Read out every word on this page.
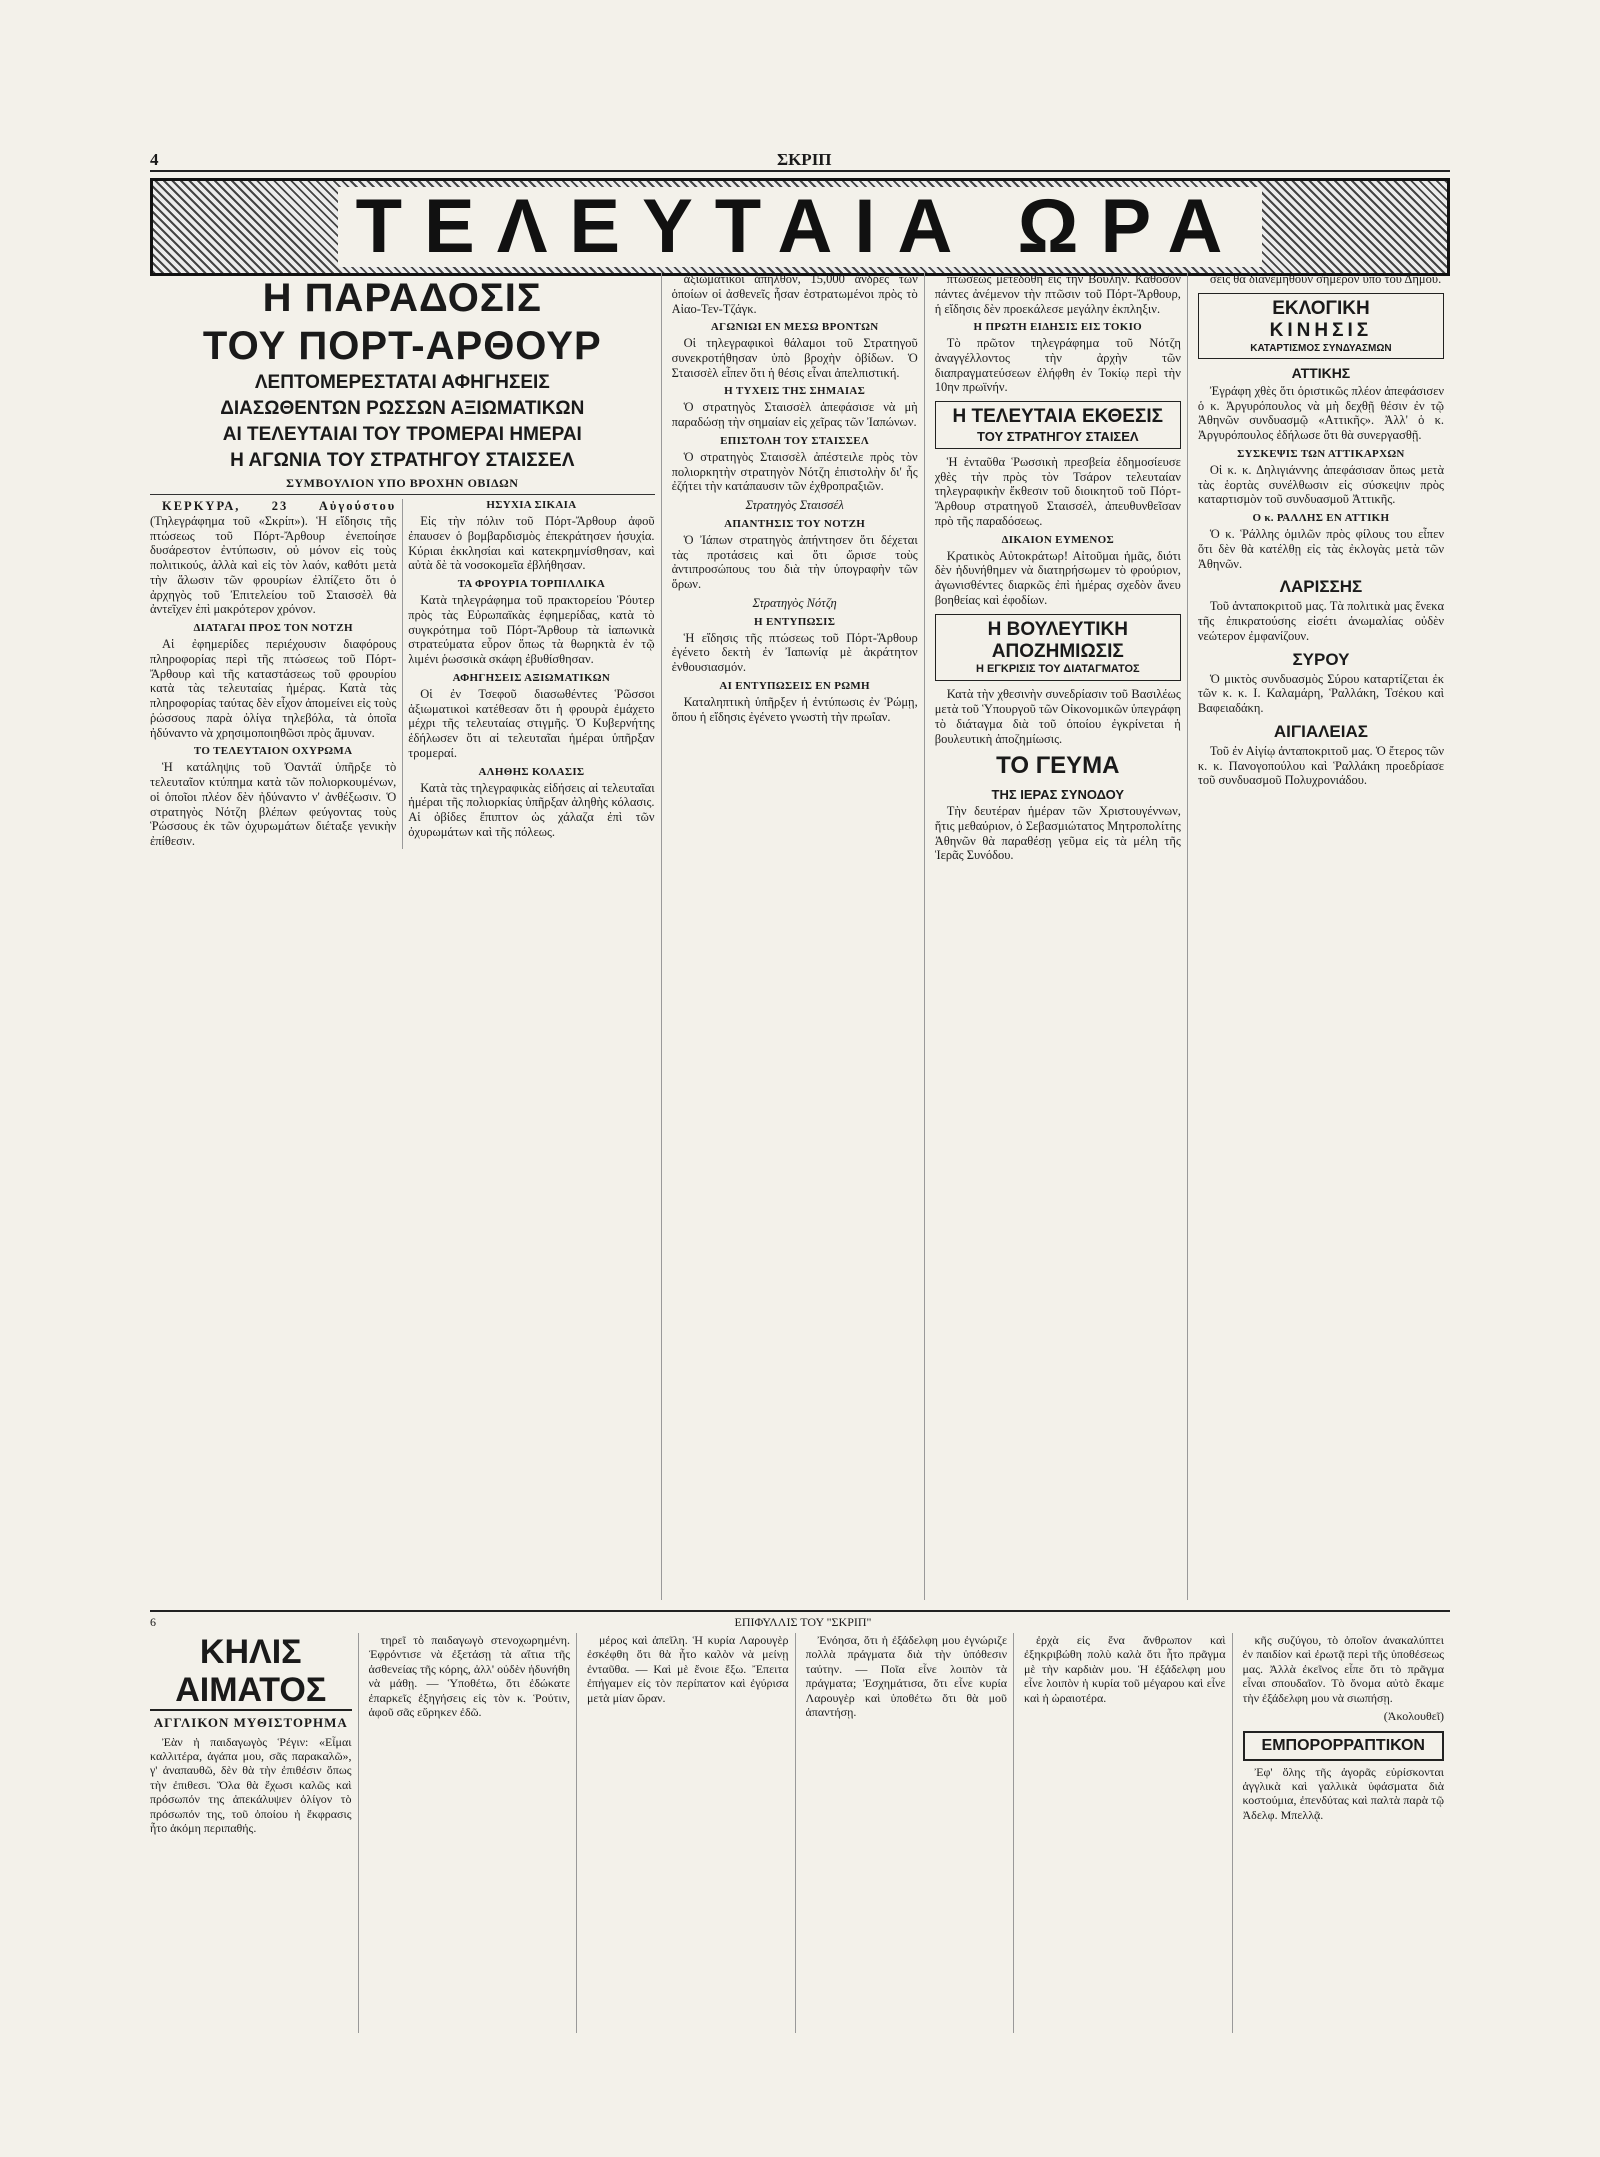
4	ΣΚΡΙΠ
ΤΕΛΕΥΤΑΙΑ ΩΡΑ
Η ΠΑΡΑΔΟΣΙΣ
ΤΟΥ ΠΟΡΤ-ΑΡΘΟΥΡ
ΛΕΠΤΟΜΕΡΕΣΤΑΤΑΙ ΑΦΗΓΗΣΕΙΣ
ΔΙΑΣΩΘΕΝΤΩΝ ΡΩΣΣΩΝ ΑΞΙΩΜΑΤΙΚΩΝ
ΑΙ ΤΕΛΕΥΤΑΙΑΙ ΤΟΥ ΤΡΟΜΕΡΑΙ ΗΜΕΡΑΙ
Η ΑΓΩΝΙΑ ΤΟΥ ΣΤΡΑΤΗΓΟΥ ΣΤΑΙΣΣΕΛ
ΣΥΜΒΟΥΛΙΟΝ ΥΠΟ ΒΡΟΧΗΝ ΟΒΙΔΩΝ

ΚΕΡΚΥΡΑ, 23 Αὐγούστου (Τηλεγράφημα τοῦ «Σκρίπ»). Ἡ εἴδησις τῆς πτώσεως τοῦ Πόρτ-Ἄρθουρ ἐνεποίησε δυσάρεστον ἐντύπωσιν, οὐ μόνον εἰς τοὺς πολιτικούς, ἀλλὰ καὶ εἰς τὸν λαόν, καθότι μετὰ τὴν ἅλωσιν τῶν φρουρίων ἐλπίζετο ὅτι ὁ ἀρχηγὸς τοῦ Ἐπιτελείου τοῦ Σταισσὲλ θὰ ἀντεῖχεν ἐπὶ μακρότερον χρόνον.

ΔΙΑΤΑΓΑΙ ΠΡΟΣ ΤΟΝ ΝΟΤΖΗ

Αἱ ἐφημερίδες περιέχουσιν διαφόρους πληροφορίας περὶ τῆς πτώσεως τοῦ Πόρτ-Ἄρθουρ καὶ τῆς καταστάσεως τοῦ φρουρίου κατὰ τὰς τελευταίας ἡμέρας. Κατὰ τὰς πληροφορίας ταύτας δὲν εἶχον ἀπομείνει εἰς τοὺς ῥώσσους παρὰ ὀλίγα τηλεβόλα, τὰ ὁποῖα ἠδύναντο νὰ χρησιμοποιηθῶσι πρὸς ἄμυναν.

ΤΟ ΤΕΛΕΥΤΑΙΟΝ ΟΧΥΡΩΜΑ

Ἡ κατάληψις τοῦ Ὀαντάϊ ὑπῆρξε τὸ τελευταῖον κτύπημα κατὰ τῶν πολιορκουμένων, οἱ ὁποῖοι πλέον δὲν ἠδύναντο ν' ἀνθέξωσιν. Ὁ στρατηγὸς Νότζη βλέπων φεύγοντας τοὺς Ῥώσσους ἐκ τῶν ὀχυρωμάτων διέταξε γενικὴν ἐπίθεσιν.

ΗΣΥΧΙΑ ΣΙΚΑΙΑ

Εἰς τὴν πόλιν τοῦ Πόρτ-Ἄρθουρ ἀφοῦ ἐπαυσεν ὁ βομβαρδισμὸς ἐπεκράτησεν ἡσυχία. Κύριαι ἐκκλησίαι καὶ κατεκρημνίσθησαν, καὶ αὐτὰ δὲ τὰ νοσοκομεῖα ἐβλήθησαν.

ΤΑ ΦΡΟΥΡΙΑ ΤΟΡΠΙΛΛΙΚΑ

Κατὰ τηλεγράφημα τοῦ πρακτορείου Ῥόυτερ πρὸς τὰς Εὐρωπαϊκὰς ἐφημερίδας, κατὰ τὸ συγκρότημα τοῦ Πόρτ-Ἄρθουρ τὰ ἰαπωνικὰ στρατεύματα εὗρον ὅπως τὰ θωρηκτὰ ἐν τῷ λιμένι ῥωσσικὰ σκάφη ἐβυθίσθησαν.

ΑΦΗΓΗΣΕΙΣ ΑΞΙΩΜΑΤΙΚΩΝ

Οἱ ἐν Τσεφοῦ διασωθέντες Ῥῶσσοι ἀξιωματικοὶ κατέθεσαν ὅτι ἡ φρουρὰ ἐμάχετο μέχρι τῆς τελευταίας στιγμῆς. Ὁ Κυβερνήτης ἐδήλωσεν ὅτι αἱ τελευταῖαι ἡμέραι ὑπῆρξαν τρομεραί.

ΑΛΗΘΗΣ ΚΟΛΑΣΙΣ

Κατὰ τὰς τηλεγραφικὰς εἰδήσεις αἱ τελευταῖαι ἡμέραι τῆς πολιορκίας ὑπῆρξαν ἀληθὴς κόλασις. Αἱ ὀβίδες ἔπιπτον ὡς χάλαζα ἐπὶ τῶν ὀχυρωμάτων καὶ τῆς πόλεως.

ἀξιωματικοὶ ἀπῆλθον, 15,000 ἄνδρες τῶν ὁποίων οἱ ἀσθενεῖς ἦσαν ἐστρατωμένοι πρὸς τὸ Αἰαο-Τεν-Τζάγκ.

ΑΓΩΝΙΩΙ ΕΝ ΜΕΣΩ ΒΡΟΝΤΩΝ

Οἱ τηλεγραφικοὶ θάλαμοι τοῦ Στρατηγοῦ συνεκροτήθησαν ὑπὸ βροχὴν ὀβίδων. Ὁ Σταισσὲλ εἶπεν ὅτι ἡ θέσις εἶναι ἀπελπιστική.

Η ΤΥΧΕΙΣ ΤΗΣ ΣΗΜΑΙΑΣ

Ὁ στρατηγὸς Σταισσὲλ ἀπεφάσισε νὰ μὴ παραδώσῃ τὴν σημαίαν εἰς χεῖρας τῶν Ἰαπώνων.

ΕΠΙΣΤΟΛΗ ΤΟΥ ΣΤΑΙΣΣΕΛ

Ὁ στρατηγὸς Σταισσὲλ ἀπέστειλε πρὸς τὸν πολιορκητὴν στρατηγὸν Νότζη ἐπιστολὴν δι' ἧς ἐζήτει τὴν κατάπαυσιν τῶν ἐχθροπραξιῶν.

Στρατηγὸς Σταισσέλ
ΑΠΑΝΤΗΣΙΣ ΤΟΥ ΝΟΤΖΗ

Ὁ Ἰάπων στρατηγὸς ἀπήντησεν ὅτι δέχεται τὰς προτάσεις καὶ ὅτι ὥρισε τοὺς ἀντιπροσώπους του διὰ τὴν ὑπογραφὴν τῶν ὅρων.

Στρατηγὸς Νότζη
Η ΕΝΤΥΠΩΣΙΣ

Ἡ εἴδησις τῆς πτώσεως τοῦ Πόρτ-Ἄρθουρ ἐγένετο δεκτὴ ἐν Ἰαπωνίᾳ μὲ ἀκράτητον ἐνθουσιασμόν.

ΑΙ ΕΝΤΥΠΩΣΕΙΣ ΕΝ ΡΩΜΗ

Καταληπτικὴ ὑπῆρξεν ἡ ἐντύπωσις ἐν Ῥώμῃ, ὅπου ἡ εἴδησις ἐγένετο γνωστὴ τὴν πρωΐαν.

πτώσεως μετεδόθη εἰς τὴν Βουλήν. Καθόσον πάντες ἀνέμενον τὴν πτῶσιν τοῦ Πόρτ-Ἄρθουρ, ἡ εἴδησις δὲν προεκάλεσε μεγάλην ἐκπληξιν.

Η ΠΡΩΤΗ ΕΙΔΗΣΙΣ ΕΙΣ ΤΟΚΙΟ

Τὸ πρῶτον τηλεγράφημα τοῦ Νότζη ἀναγγέλλοντος τὴν ἀρχὴν τῶν διαπραγματεύσεων ἐλήφθη ἐν Τοκίῳ περὶ τὴν 10ην πρωϊνήν.

Η ΤΕΛΕΥΤΑΙΑ ΕΚΘΕΣΙΣ
ΤΟΥ ΣΤΡΑΤΗΓΟΥ ΣΤΑΙΣΕΛ

Ἡ ἐνταῦθα Ῥωσσικὴ πρεσβεία ἐδημοσίευσε χθὲς τὴν πρὸς τὸν Τσάρον τελευταίαν τηλεγραφικὴν ἔκθεσιν τοῦ διοικητοῦ τοῦ Πόρτ-Ἄρθουρ στρατηγοῦ Σταισσέλ, ἀπευθυνθεῖσαν πρὸ τῆς παραδόσεως.

ΔΙΚΑΙΟΝ ΕΥΜΕΝΟΣ

Κρατικὸς Αὐτοκράτωρ! Αἰτοῦμαι ἡμᾶς, διότι δὲν ἠδυνήθημεν νὰ διατηρήσωμεν τὸ φρούριον, ἀγωνισθέντες διαρκῶς ἐπὶ ἡμέρας σχεδὸν ἄνευ βοηθείας καὶ ἐφοδίων.

Η ΒΟΥΛΕΥΤΙΚΗ
ΑΠΟΖΗΜΙΩΣΙΣ
Η ΕΓΚΡΙΣΙΣ ΤΟΥ ΔΙΑΤΑΓΜΑΤΟΣ

Κατὰ τὴν χθεσινὴν συνεδρίασιν τοῦ Βασιλέως μετὰ τοῦ Ὑπουργοῦ τῶν Οἰκονομικῶν ὑπεγράφη τὸ διάταγμα διὰ τοῦ ὁποίου ἐγκρίνεται ἡ βουλευτικὴ ἀποζημίωσις.

ΤΟ ΓΕΥΜΑ
ΤΗΣ ΙΕΡΑΣ ΣΥΝΟΔΟΥ

Τὴν δευτέραν ἡμέραν τῶν Χριστουγέννων, ἥτις μεθαύριον, ὁ Σεβασμιώτατος Μητροπολίτης Ἀθηνῶν θὰ παραθέσῃ γεῦμα εἰς τὰ μέλη τῆς Ἱερᾶς Συνόδου.

σεις θὰ διανεμηθοῦν σήμερον ὑπὸ τοῦ Δῆμου.

ΕΚΛΟΓΙΚΗ
ΚΙΝΗΣΙΣ
ΚΑΤΑΡΤΙΣΜΟΣ ΣΥΝΔΥΑΣΜΩΝ
ΑΤΤΙΚΗΣ

Ἐγράφη χθὲς ὅτι ὁριστικῶς πλέον ἀπεφάσισεν ὁ κ. Ἀργυρόπουλος νὰ μὴ δεχθῇ θέσιν ἐν τῷ Ἀθηνῶν συνδυασμῷ «Αττικῆς». Ἀλλ' ὁ κ. Ἀργυρόπουλος ἐδήλωσε ὅτι θὰ συνεργασθῇ.

ΣΥΣΚΕΨΙΣ ΤΩΝ ΑΤΤΙΚΑΡΧΩΝ

Οἱ κ. κ. Δηλιγιάννης ἀπεφάσισαν ὅπως μετὰ τὰς ἑορτὰς συνέλθωσιν εἰς σύσκεψιν πρὸς καταρτισμὸν τοῦ συνδυασμοῦ Ἀττικῆς.

Ο κ. ΡΑΛΛΗΣ ΕΝ ΑΤΤΙΚΗ

Ὁ κ. Ῥάλλης ὁμιλῶν πρὸς φίλους του εἶπεν ὅτι δὲν θὰ κατέλθῃ εἰς τὰς ἐκλογὰς μετὰ τῶν Ἀθηνῶν.

ΛΑΡΙΣΣΗΣ

Τοῦ ἀνταποκριτοῦ μας. Τὰ πολιτικὰ μας ἕνεκα τῆς ἐπικρατούσης εἰσέτι ἀνωμαλίας οὐδὲν νεώτερον ἐμφανίζουν.

ΣΥΡΟΥ

Ὁ μικτὸς συνδυασμὸς Σύρου καταρτίζεται ἐκ τῶν κ. κ. Ι. Καλαμάρη, Ῥαλλάκη, Τσέκου καὶ Βαφειαδάκη.

ΑΙΓΙΑΛΕΙΑΣ

Τοῦ ἐν Αἰγίῳ ἀνταποκριτοῦ μας. Ὁ ἔτερος τῶν κ. κ. Πανογοπούλου καὶ Ῥαλλάκη προεδρίασε τοῦ συνδυασμοῦ Πολυχρονιάδου.

6	ΕΠΙΦΥΛΛΙΣ ΤΟΥ "ΣΚΡΙΠ"
ΚΗΛΙΣ ΑΙΜΑΤΟΣ
ΑΓΓΛΙΚΟΝ ΜΥΘΙΣΤΟΡΗΜΑ

Ἐὰν ἡ παιδαγωγὸς Ῥέγιν: «Εἶμαι καλλιτέρα, ἀγάπα μου, σᾶς παρακαλῶ», γ' ἀναπαυθῶ, δὲν θὰ τὴν ἐπιθέσιν ὅπως τὴν ἐπιθεσι. Ὅλα θὰ ἔχωσι καλῶς καὶ πρόσωπόν της ἀπεκάλυψεν ὀλίγον τὸ πρόσωπόν της, τοῦ ὁποίου ἡ ἔκφρασις ἦτο ἀκόμη περιπαθής.

τηρεῖ τὸ παιδαγωγὸ στενοχωρημένη. Ἐφρόντισε νὰ ἐξετάσῃ τὰ αἴτια τῆς ἀσθενείας τῆς κόρης, ἀλλ' οὐδὲν ἠδυνήθη νὰ μάθῃ. — Ὑποθέτω, ὅτι ἐδώκατε ἐπαρκεῖς ἐξηγήσεις εἰς τὸν κ. Ῥούτιν, ἀφοῦ σᾶς εὕρηκεν ἐδῶ.

μέρος καὶ ἀπεῖλη. Ἡ κυρία Λαρουγὲρ ἐσκέφθη ὅτι θὰ ἦτο καλὸν νὰ μείνῃ ἐνταῦθα. — Καὶ μὲ ἔνοιε ἔξω. Ἔπειτα ἐπήγαμεν εἰς τὸν περίπατον καὶ ἐγύρισα μετὰ μίαν ὥραν.

Ἐνόησα, ὅτι ἡ ἐξάδελφη μου ἐγνώριζε πολλὰ πράγματα διὰ τὴν ὑπόθεσιν ταύτην. — Ποῖα εἶνε λοιπὸν τὰ πράγματα; Ἐσχημάτισα, ὅτι εἶνε κυρία Λαρουγὲρ καὶ ὑποθέτω ὅτι θὰ μοῦ ἀπαντήσῃ.

ἐρχὰ εἰς ἕνα ἄνθρωπον καὶ ἐξηκριβώθη πολὺ καλὰ ὅτι ἦτο πρᾶγμα μὲ τὴν καρδιὰν μου. Ἡ ἐξάδελφη μου εἶνε λοιπὸν ἡ κυρία τοῦ μέγαρου καὶ εἶνε καὶ ἡ ὡραιοτέρα.

κῆς συζύγου, τὸ ὁποῖον ἀνακαλύπτει ἐν παιδίον καὶ ἐρωτᾷ περὶ τῆς ὑποθέσεως μας. Ἀλλὰ ἐκεῖνος εἶπε ὅτι τὸ πρᾶγμα εἶναι σπουδαῖον. Τὸ ὄνομα αὐτὸ ἔκαμε τὴν ἐξάδελφη μου νὰ σιωπήσῃ.

(Ἀκολουθεῖ)
ΕΜΠΟΡΟΡΡΑΠΤΙΚΟΝ

Ἐφ' ὅλης τῆς ἀγορᾶς εὑρίσκονται ἀγγλικὰ καὶ γαλλικὰ ὑφάσματα διὰ κοστούμια, ἐπενδύτας καὶ παλτὰ παρὰ τῷ Ἀδελφ. Μπελλᾷ.
